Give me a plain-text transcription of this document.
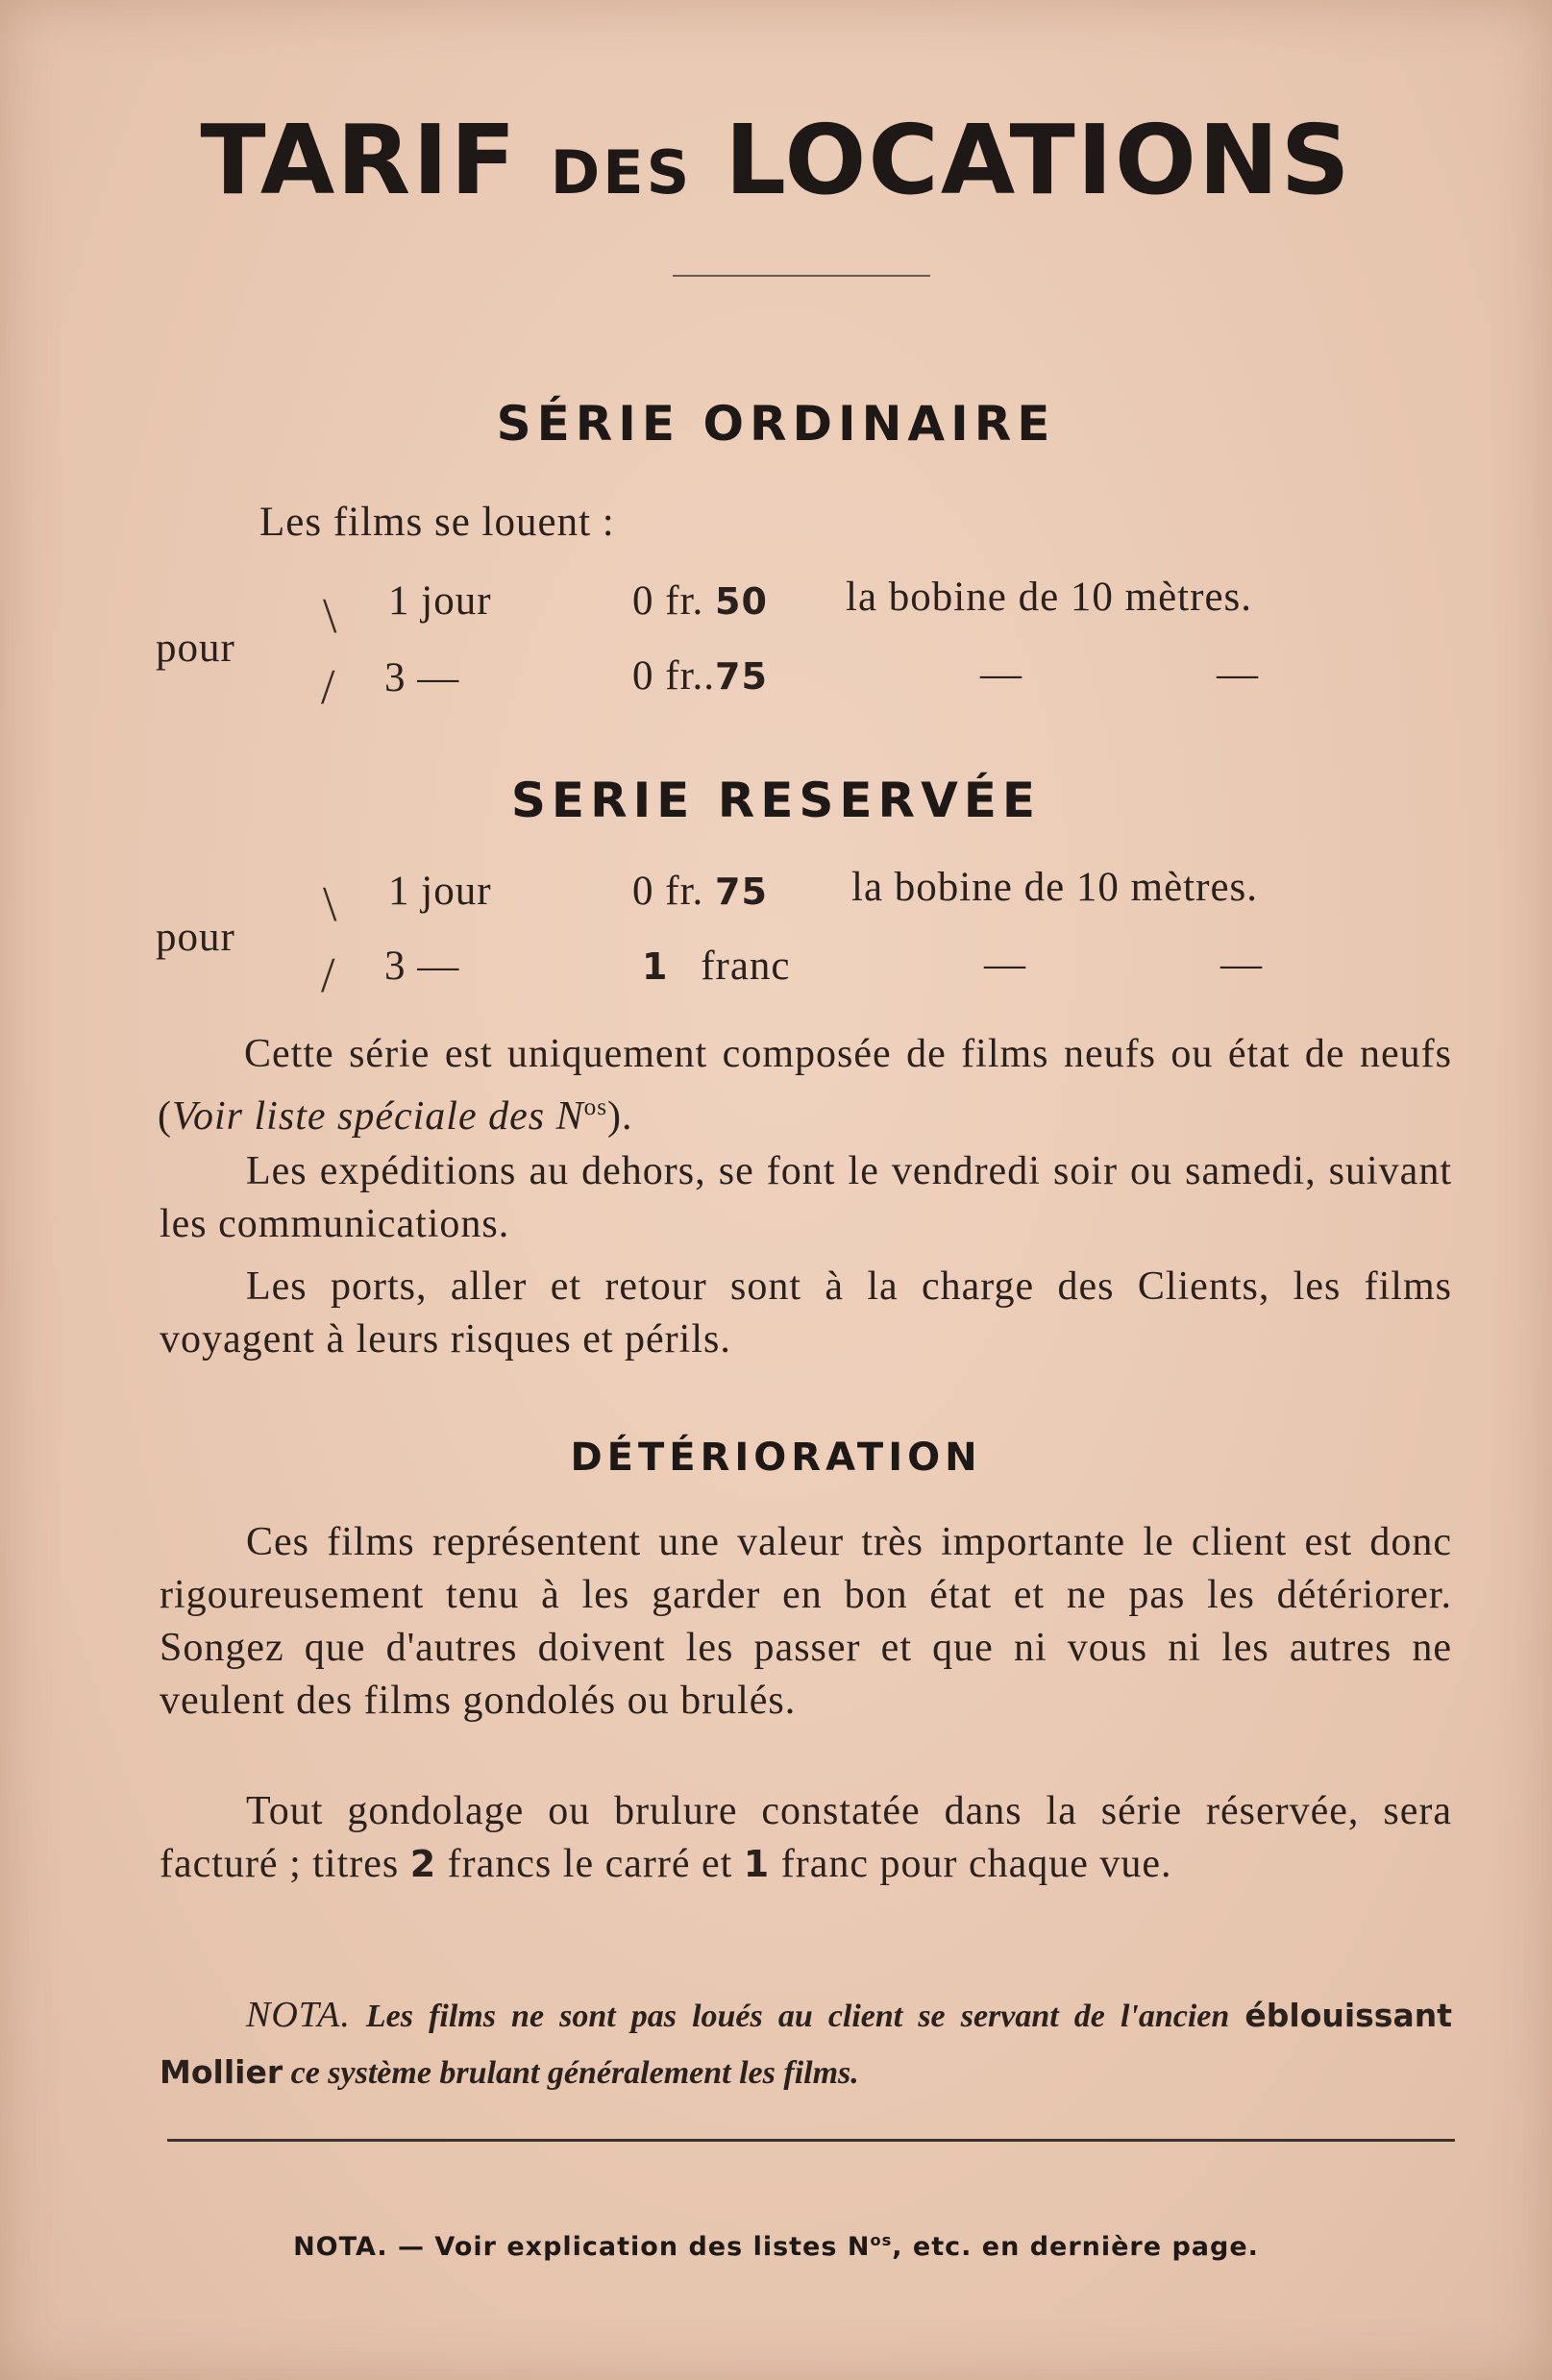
TARIF DES LOCATIONS
SÉRIE ORDINAIRE
Les films se louent :
pour
\
/
1 jour	0 fr. 50 la bobine de 10 mètres.
3 —	0 fr..75	—	—
SERIE RESERVÉE
pour
\
/
1 jour	0 fr. 75 la bobine de 10 mètres.
3 —	1 franc	—	—
Cette série est uniquement composée de films neufs ou état de neufs (Voir liste spéciale des $N^{os}$).
Les expéditions au dehors, se font le vendredi soir ou samedi, suivant les communications.
Les ports, aller et retour sont à la charge des Clients, les films voyagent à leurs risques et périls.
DÉTÉRIORATION
Ces films représentent une valeur très importante le client est donc rigoureusement tenu à les garder en bon état et ne pas les détériorer. Songez que d'autres doivent les passer et que ni vous ni les autres ne veulent des films gondolés ou brulés.
Tout gondolage ou brulure constatée dans la série réservée, sera facturé ; titres 2 francs le carré et 1 franc pour chaque vue.
NOTA. Les films ne sont pas loués au client se servant de l'ancien éblouissant Mollier ce système brulant généralement les films.
NOTA. — Voir explication des listes $N^{os}$, etc. en dernière page.
